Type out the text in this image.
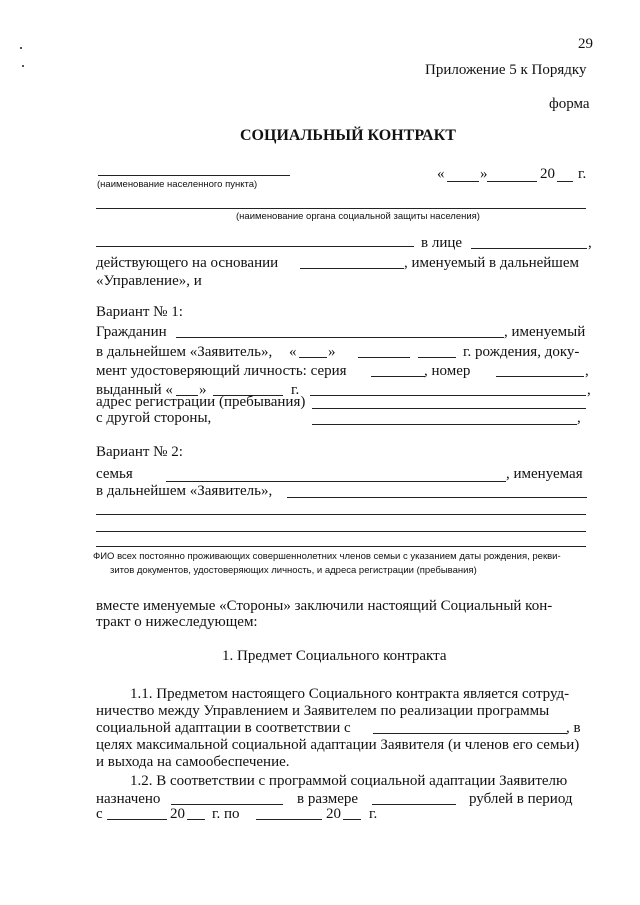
29
Приложение 5 к Порядку
форма
СОЦИАЛЬНЫЙ КОНТРАКТ
(наименование населенного пункта)
« »	20 г.
(наименование органа социальной защиты населения)
в лице	,
действующего на основании	, именуемый в дальнейшем
«Управление», и
Вариант № 1:
Гражданин	, именуемый
в дальнейшем «Заявитель», « »	г. рождения, доку-
мент удостоверяющий личность: серия	, номер	,
выданный « »	г.	,
адрес регистрации (пребывания)
,
с другой стороны,
Вариант № 2:
семья	, именуемая
в дальнейшем «Заявитель»,
ФИО всех постоянно проживающих совершеннолетних членов семьи с указанием даты рождения, рекви-
зитов документов, удостоверяющих личность, и адреса регистрации (пребывания)
вместе именуемые «Стороны» заключили настоящий Социальный кон-
тракт о нижеследующем:
1. Предмет Социального контракта
1.1. Предметом настоящего Социального контракта является сотруд-
ничество между Управлением и Заявителем по реализации программы
социальной адаптации в соответствии с	, в
целях максимальной социальной адаптации Заявителя (и членов его семьи)
и выхода на самообеспечение.
1.2. В соответствии с программой социальной адаптации Заявителю
назначено	в размере	рублей в период
с	20 г. по	20 г.
